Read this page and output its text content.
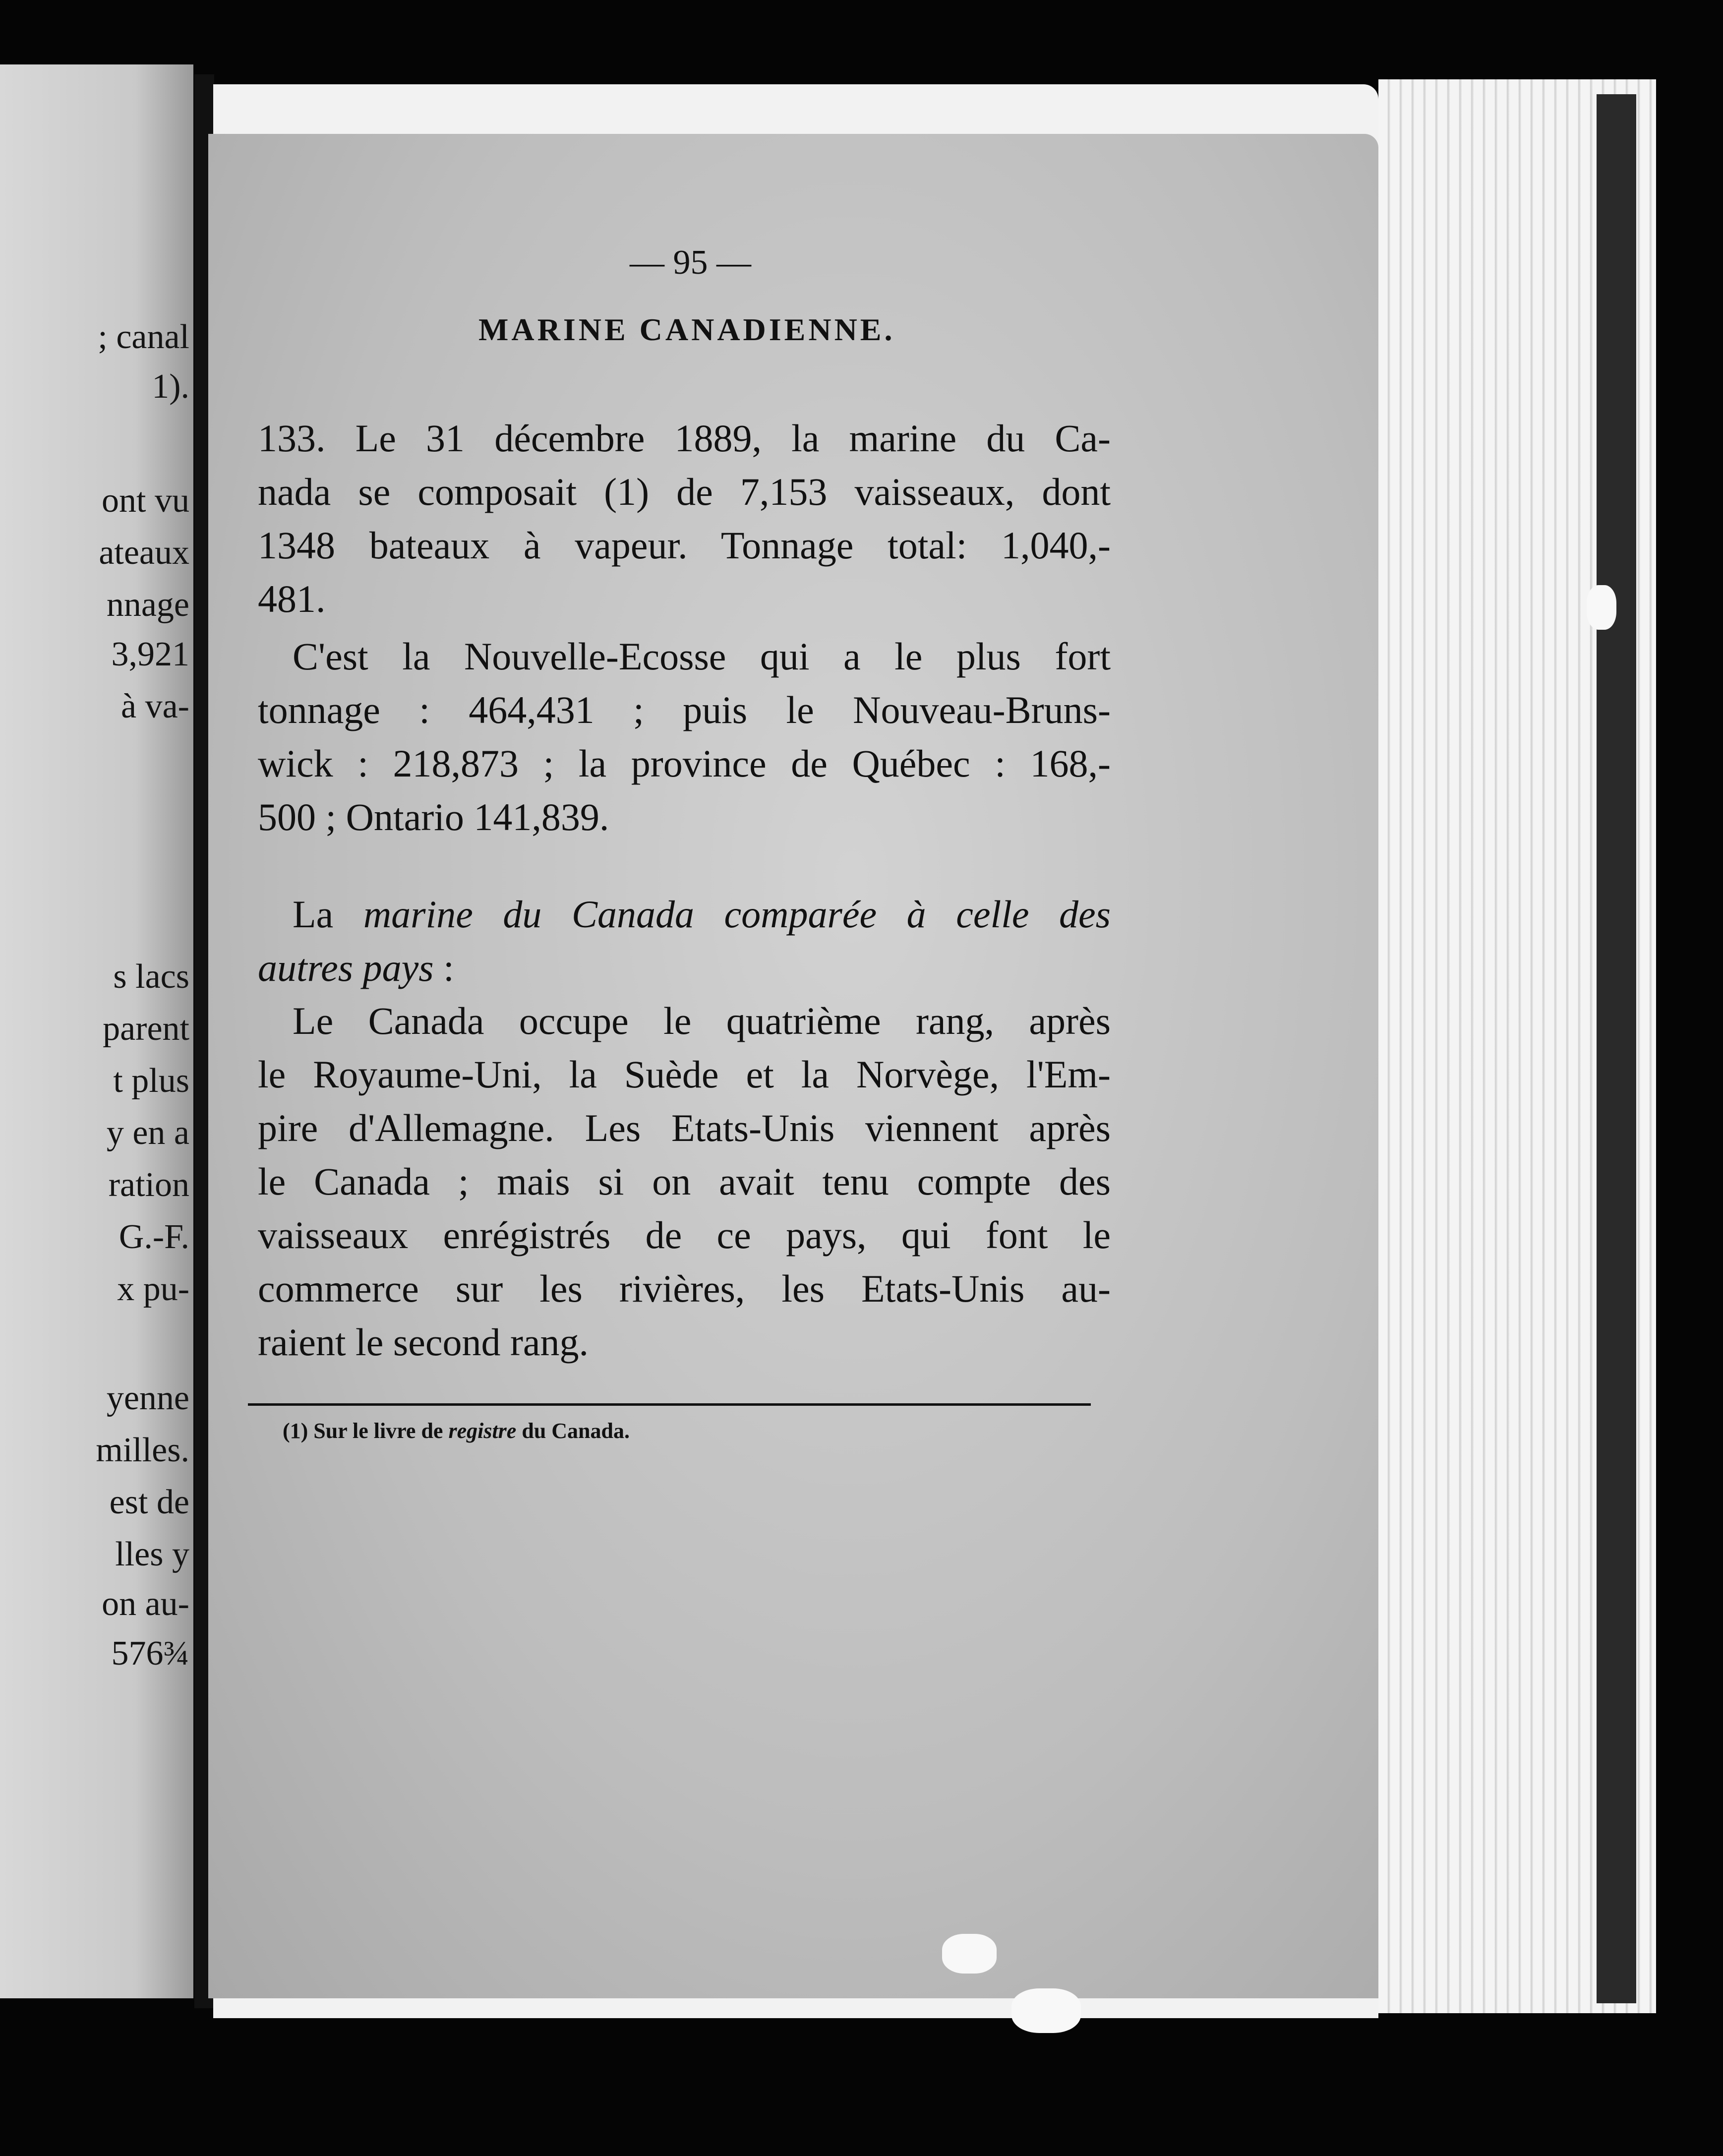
; canal
1).
ont vu
ateaux
nnage
3,921
à va-
s lacs
parent
t plus
y en a
ration
G.-F.
x pu-
yenne
milles.
est de
lles y
on au-
576¾
— 95 —
MARINE CANADIENNE.
133. Le 31 décembre 1889, la marine du Ca-
nada se composait (1) de 7,153 vaisseaux, dont
1348 bateaux à vapeur. Tonnage total: 1,040,-
481.
C'est la Nouvelle-Ecosse qui a le plus fort
tonnage : 464,431 ; puis le Nouveau-Bruns-
wick : 218,873 ; la province de Québec : 168,-
500 ; Ontario 141,839.
La marine du Canada comparée à celle des
autres pays :
Le Canada occupe le quatrième rang, après
le Royaume-Uni, la Suède et la Norvège, l'Em-
pire d'Allemagne. Les Etats-Unis viennent après
le Canada ; mais si on avait tenu compte des
vaisseaux enrégistrés de ce pays, qui font le
commerce sur les rivières, les Etats-Unis au-
raient le second rang.
(1) Sur le livre de registre du Canada.
